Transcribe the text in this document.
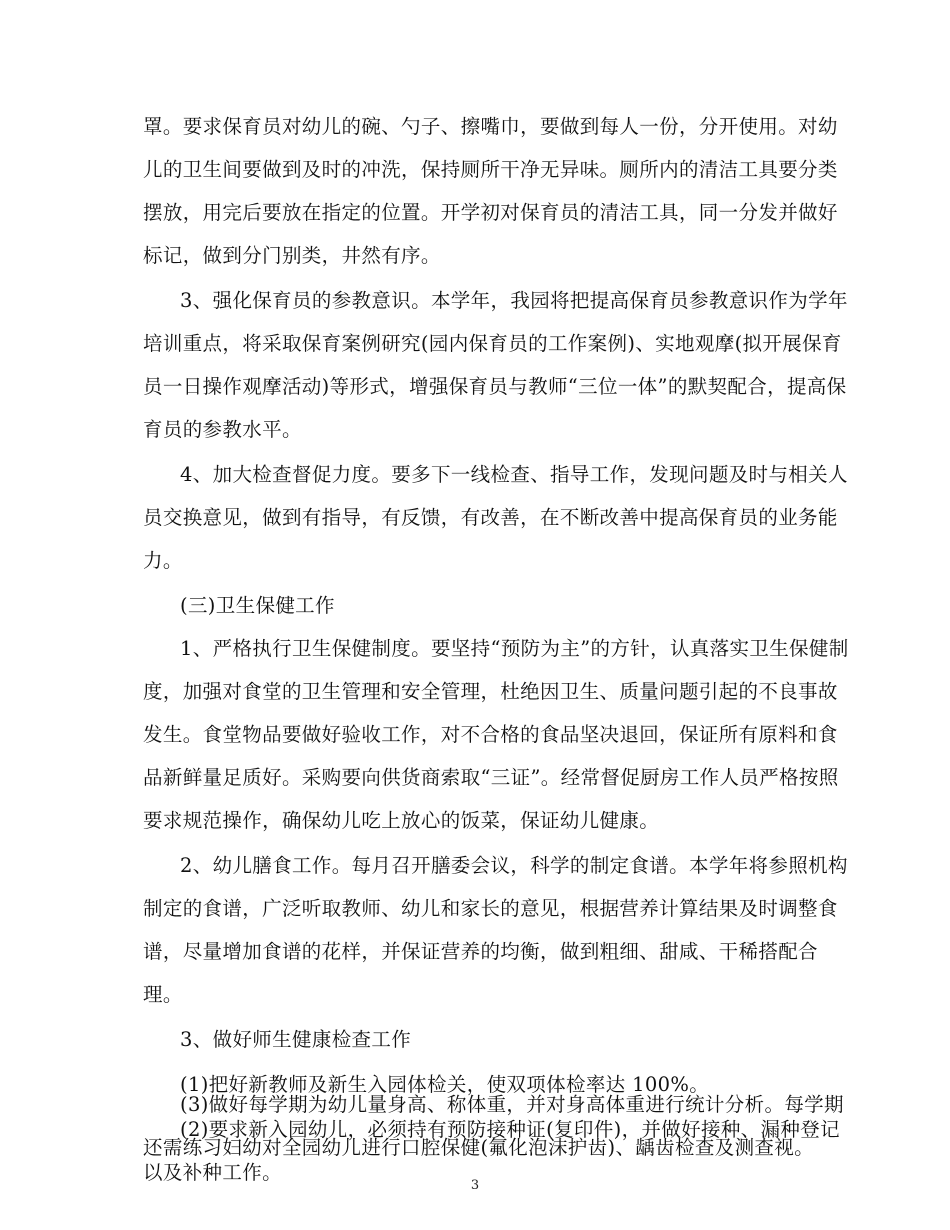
罩。要求保育员对幼儿的碗、勺子、擦嘴巾，要做到每人一份，分开使用。对幼
儿的卫生间要做到及时的冲洗，保持厕所干净无异味。厕所内的清洁工具要分类
摆放，用完后要放在指定的位置。开学初对保育员的清洁工具，同一分发并做好
标记，做到分门别类，井然有序。
3、强化保育员的参教意识。本学年，我园将把提高保育员参教意识作为学年
培训重点，将采取保育案例研究(园内保育员的工作案例)、实地观摩(拟开展保育
员一日操作观摩活动)等形式，增强保育员与教师“三位一体”的默契配合，提高保
育员的参教水平。
4、加大检查督促力度。要多下一线检查、指导工作，发现问题及时与相关人
员交换意见，做到有指导，有反馈，有改善，在不断改善中提高保育员的业务能
力。
(三)卫生保健工作
1、严格执行卫生保健制度。要坚持“预防为主”的方针，认真落实卫生保健制
度，加强对食堂的卫生管理和安全管理，杜绝因卫生、质量问题引起的不良事故
发生。食堂物品要做好验收工作，对不合格的食品坚决退回，保证所有原料和食
品新鲜量足质好。采购要向供货商索取“三证”。经常督促厨房工作人员严格按照
要求规范操作，确保幼儿吃上放心的饭菜，保证幼儿健康。
2、幼儿膳食工作。每月召开膳委会议，科学的制定食谱。本学年将参照机构
制定的食谱，广泛听取教师、幼儿和家长的意见，根据营养计算结果及时调整食
谱，尽量增加食谱的花样，并保证营养的均衡，做到粗细、甜咸、干稀搭配合
理。
3、做好师生健康检查工作
(1)把好新教师及新生入园体检关，使双项体检率达 100%。
(2)要求新入园幼儿，必须持有预防接种证(复印件)，并做好接种、漏种登记
以及补种工作。
(3)做好每学期为幼儿量身高、称体重，并对身高体重进行统计分析。每学期
还需练习妇幼对全园幼儿进行口腔保健(氟化泡沫护齿)、龋齿检查及测查视。
3
